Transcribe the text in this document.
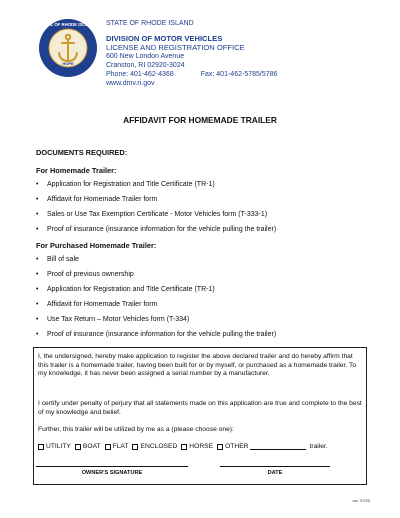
HOPE
SEAL OF RHODE ISLAND STATE OF RHODE ISLAND
DIVISION OF MOTOR VEHICLES
LICENSE AND REGISTRATION OFFICE
600 New London Avenue
Cranston, RI 02920-3024
Phone: 401-462-4368	Fax: 401-462-5785/5786
www.dmv.ri.gov
AFFIDAVIT FOR HOMEMADE TRAILER
DOCUMENTS REQUIRED:
For Homemade Trailer:
• Application for Registration and Title Certificate (TR-1)
• Affidavit for Homemade Trailer form
• Sales or Use Tax Exemption Certificate - Motor Vehicles form (T-333-1)
• Proof of insurance (insurance information for the vehicle pulling the trailer)
For Purchased Homemade Trailer:
• Bill of sale
• Proof of previous ownership
• Application for Registration and Title Certificate (TR-1)
• Affidavit for Homemade Trailer form
• Use Tax Return – Motor Vehicles form (T-334)
• Proof of insurance (insurance information for the vehicle pulling the trailer)
I, the undersigned, hereby make application to register the above declared trailer and do hereby affirm that this trailer is a homemade trailer, having been built for or by myself, or purchased as a homemade trailer. To my knowledge, it has never been assigned a serial number by a manufacturer.
I certify under penalty of perjury that all statements made on this application are true and complete to the best of my knowledge and belief.
Further, this trailer will be utilized by me as a (please choose one):
UTILITY BOAT FLAT ENCLOSED HORSE OTHER	trailer.
OWNER'S SIGNATURE	DATE
rev. 07/20
